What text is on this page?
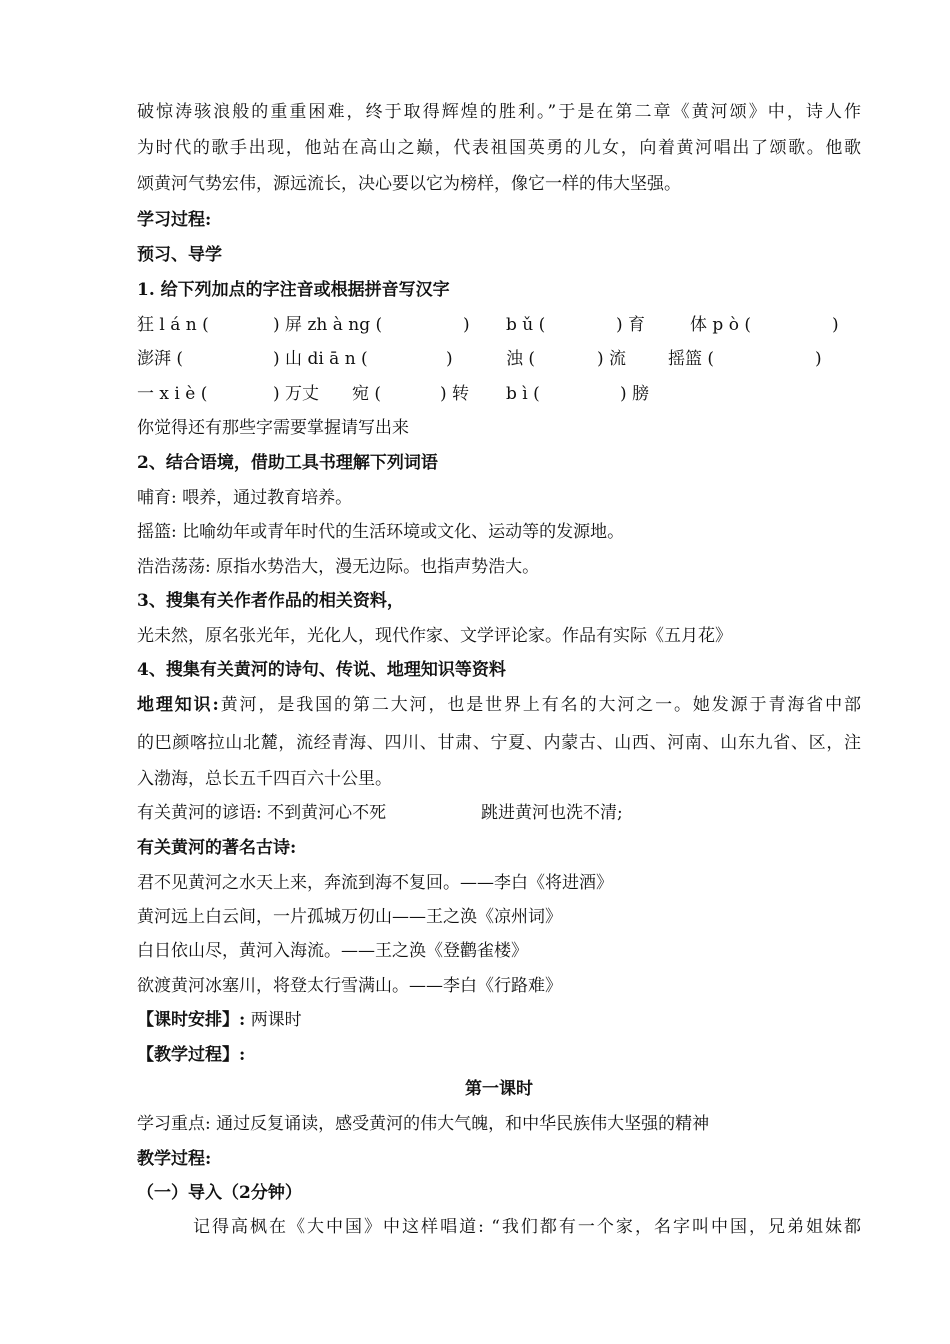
破惊涛骇浪般的重重困难，终于取得辉煌的胜利。”于是在第二章《黄河颂》中，诗人作
为时代的歌手出现，他站在高山之巅，代表祖国英勇的儿女，向着黄河唱出了颂歌。他歌
颂黄河气势宏伟，源远流长，决心要以它为榜样，像它一样的伟大坚强。
学习过程:
预习、导学
1. 给下列加点的字注音或根据拼音写汉字
狂 l á n (	) 屏 zh à ng (	) b ǔ (	) 育	体 p ò (	)
澎湃 (	) 山 di ā n (	)	浊 (	) 流 摇篮 (	)
一 x i è (	) 万丈 宛 (	) 转 b ì (	) 膀
你觉得还有那些字需要掌握请写出来
2、结合语境，借助工具书理解下列词语
哺育: 喂养，通过教育培养。
摇篮: 比喻幼年或青年时代的生活环境或文化、运动等的发源地。
浩浩荡荡: 原指水势浩大，漫无边际。也指声势浩大。
3、搜集有关作者作品的相关资料，
光未然，原名张光年，光化人，现代作家、文学评论家。作品有实际《五月花》
4、搜集有关黄河的诗句、传说、地理知识等资料
地理知识:黄河，是我国的第二大河，也是世界上有名的大河之一。她发源于青海省中部
的巴颜喀拉山北麓，流经青海、四川、甘肃、宁夏、内蒙古、山西、河南、山东九省、区，注
入渤海，总长五千四百六十公里。
有关黄河的谚语: 不到黄河心不死	跳进黄河也洗不清;
有关黄河的著名古诗:
君不见黄河之水天上来，奔流到海不复回。——李白《将进酒》
黄河远上白云间，一片孤城万仞山——王之涣《凉州词》
白日依山尽，黄河入海流。——王之涣《登鹳雀楼》
欲渡黄河冰塞川，将登太行雪满山。——李白《行路难》
【课时安排】: 两课时
【教学过程】:
第一课时
学习重点: 通过反复诵读，感受黄河的伟大气魄，和中华民族伟大坚强的精神
教学过程:
（一）导入（2分钟）
记得高枫在《大中国》中这样唱道: “我们都有一个家，名字叫中国，兄弟姐妹都
